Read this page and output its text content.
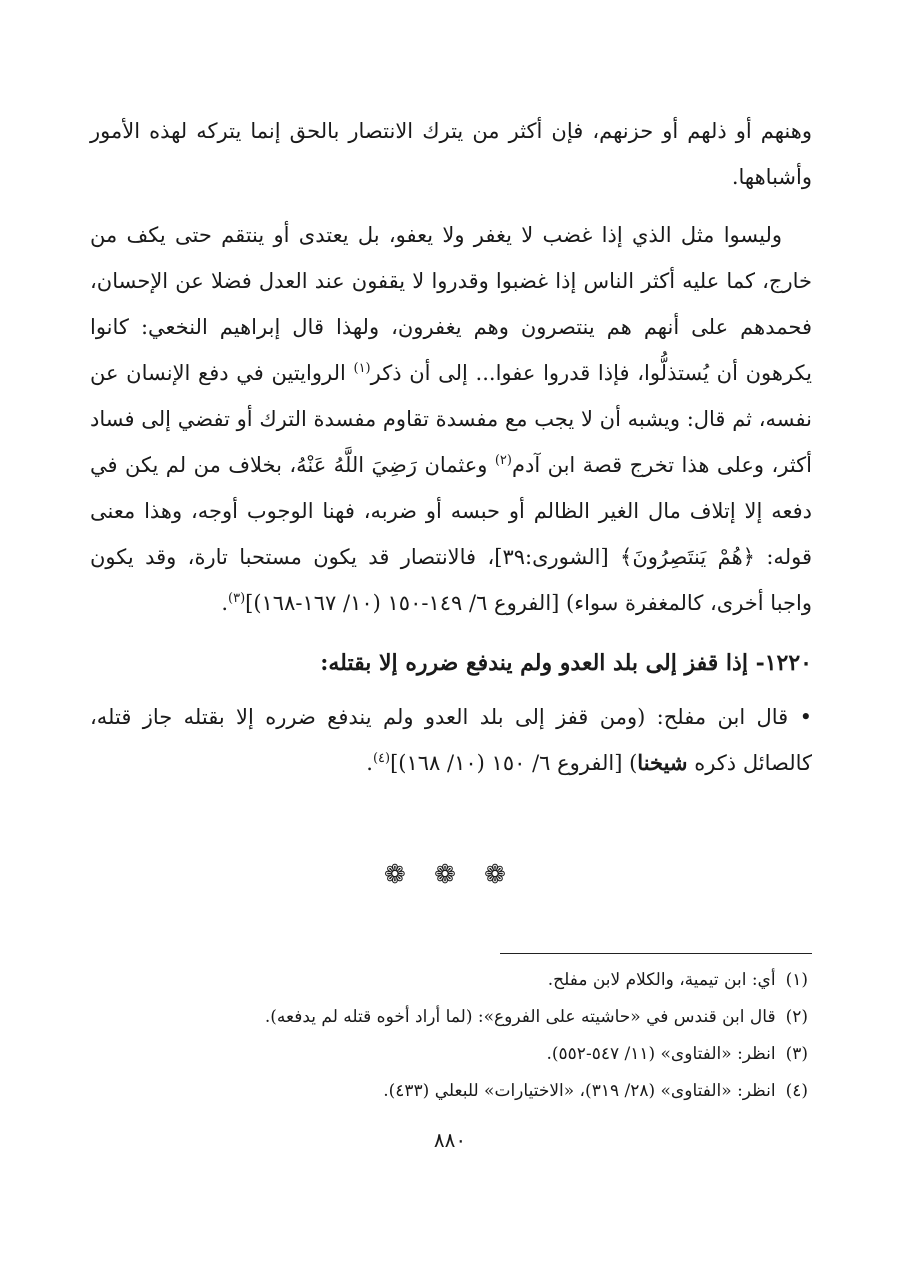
وهنهم أو ذلهم أو حزنهم، فإن أكثر من يترك الانتصار بالحق إنما يتركه لهذه الأمور وأشباهها.

وليسوا مثل الذي إذا غضب لا يغفر ولا يعفو، بل يعتدى أو ينتقم حتى يكف من خارج، كما عليه أكثر الناس إذا غضبوا وقدروا لا يقفون عند العدل فضلا عن الإحسان، فحمدهم على أنهم هم ينتصرون وهم يغفرون، ولهذا قال إبراهيم النخعي: كانوا يكرهون أن يُستذلُّوا، فإذا قدروا عفوا... إلى أن ذكر$^{(١)}$ الروايتين في دفع الإنسان عن نفسه، ثم قال: ويشبه أن لا يجب مع مفسدة تقاوم مفسدة الترك أو تفضي إلى فساد أكثر، وعلى هذا تخرج قصة ابن آدم$^{(٢)}$ وعثمان رَضِيَ اللَّهُ عَنْهُ، بخلاف من لم يكن في دفعه إلا إتلاف مال الغير الظالم أو حبسه أو ضربه، فهنا الوجوب أوجه، وهذا معنى قوله: ﴿هُمْ يَنتَصِرُونَ﴾ [الشورى:٣٩]، فالانتصار قد يكون مستحبا تارة، وقد يكون واجبا أخرى، كالمغفرة سواء) [الفروع ٦/ ١٤٩-١٥٠ (١٠/ ١٦٧-١٦٨)]$^{(٣)}$.

١٢٢٠- إذا قفز إلى بلد العدو ولم يندفع ضرره إلا بقتله:

• قال ابن مفلح: (ومن قفز إلى بلد العدو ولم يندفع ضرره إلا بقتله جاز قتله، كالصائل ذكره شيخنا) [الفروع ٦/ ١٥٠ (١٠/ ١٦٨)]$^{(٤)}$.

❁ ❁ ❁

(١)أي: ابن تيمية، والكلام لابن مفلح.

(٢)قال ابن قندس في «حاشيته على الفروع»: (لما أراد أخوه قتله لم يدفعه).

(٣)انظر: «الفتاوى» (١١/ ٥٤٧-٥٥٢).

(٤)انظر: «الفتاوى» (٢٨/ ٣١٩)، «الاختيارات» للبعلي (٤٣٣).

٨٨٠
